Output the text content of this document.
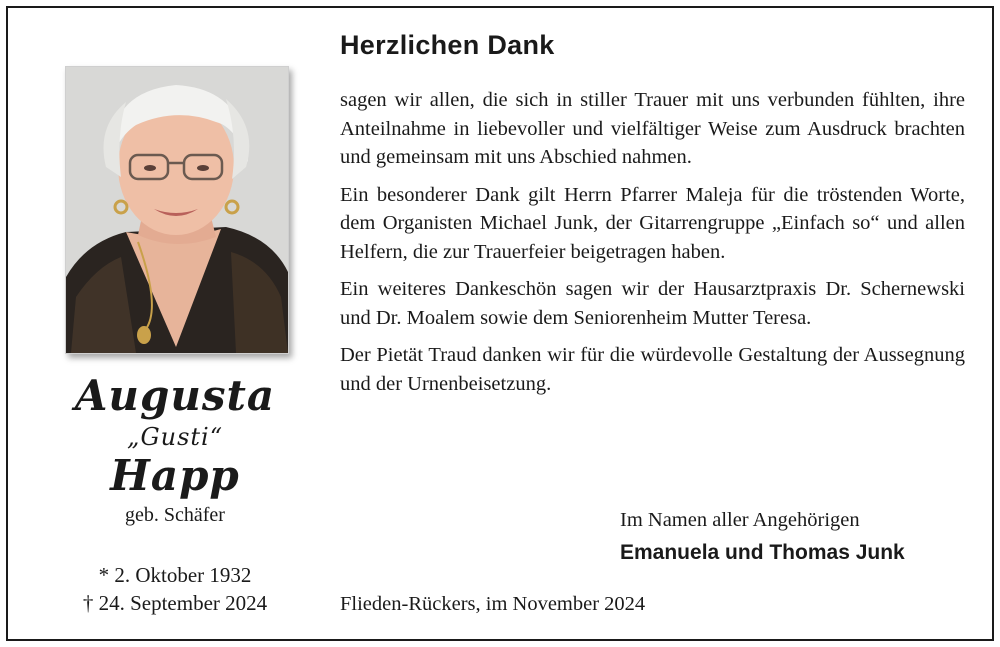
Augusta
„Gusti“
Happ
geb. Schäfer
* 2. Oktober 1932
† 24. September 2024
Herzlichen Dank

sagen wir allen, die sich in stiller Trauer mit uns verbunden fühlten, ihre Anteilnahme in liebevoller und vielfältiger Weise zum Ausdruck brachten und gemeinsam mit uns Abschied nahmen.

Ein besonderer Dank gilt Herrn Pfarrer Maleja für die tröstenden Worte, dem Organisten Michael Junk, der Gitarrengruppe „Einfach so“ und allen Helfern, die zur Trauerfeier beigetragen haben.

Ein weiteres Dankeschön sagen wir der Hausarztpraxis Dr. Schernewski und Dr. Moalem sowie dem Seniorenheim Mutter Teresa.

Der Pietät Traud danken wir für die würdevolle Gestaltung der Aussegnung und der Urnenbeisetzung.

Im Namen aller Angehörigen
Emanuela und Thomas Junk
Flieden-Rückers, im November 2024
